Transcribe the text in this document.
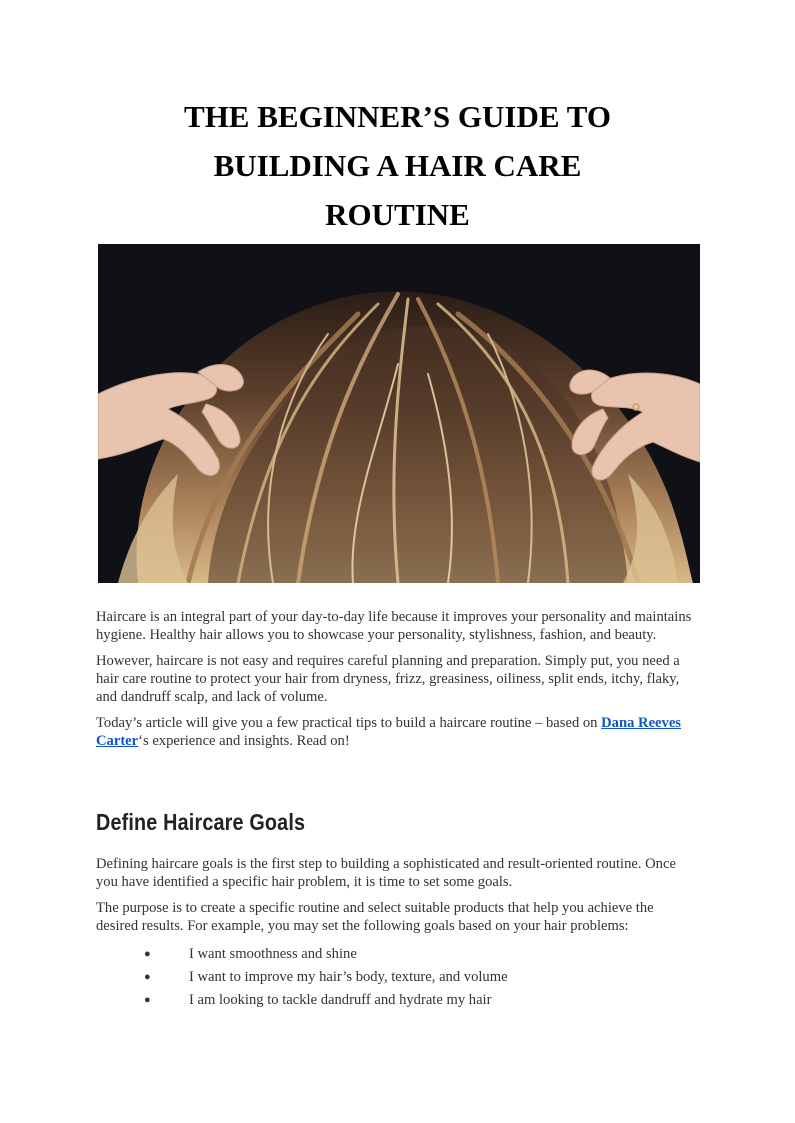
THE BEGINNER’S GUIDE TO
BUILDING A HAIR CARE
ROUTINE

Haircare is an integral part of your day-to-day life because it improves your personality and maintains hygiene. Healthy hair allows you to showcase your personality, stylishness, fashion, and beauty.

However, haircare is not easy and requires careful planning and preparation. Simply put, you need a hair care routine to protect your hair from dryness, frizz, greasiness, oiliness, split ends, itchy, flaky, and dandruff scalp, and lack of volume.

Today’s article will give you a few practical tips to build a haircare routine – based on Dana Reeves Carter‘s experience and insights. Read on!

Define Haircare Goals

Defining haircare goals is the first step to building a sophisticated and result-oriented routine. Once you have identified a specific hair problem, it is time to set some goals.

The purpose is to create a specific routine and select suitable products that help you achieve the desired results. For example, you may set the following goals based on your hair problems:

●	I want smoothness and shine
●	I want to improve my hair’s body, texture, and volume
●	I am looking to tackle dandruff and hydrate my hair
